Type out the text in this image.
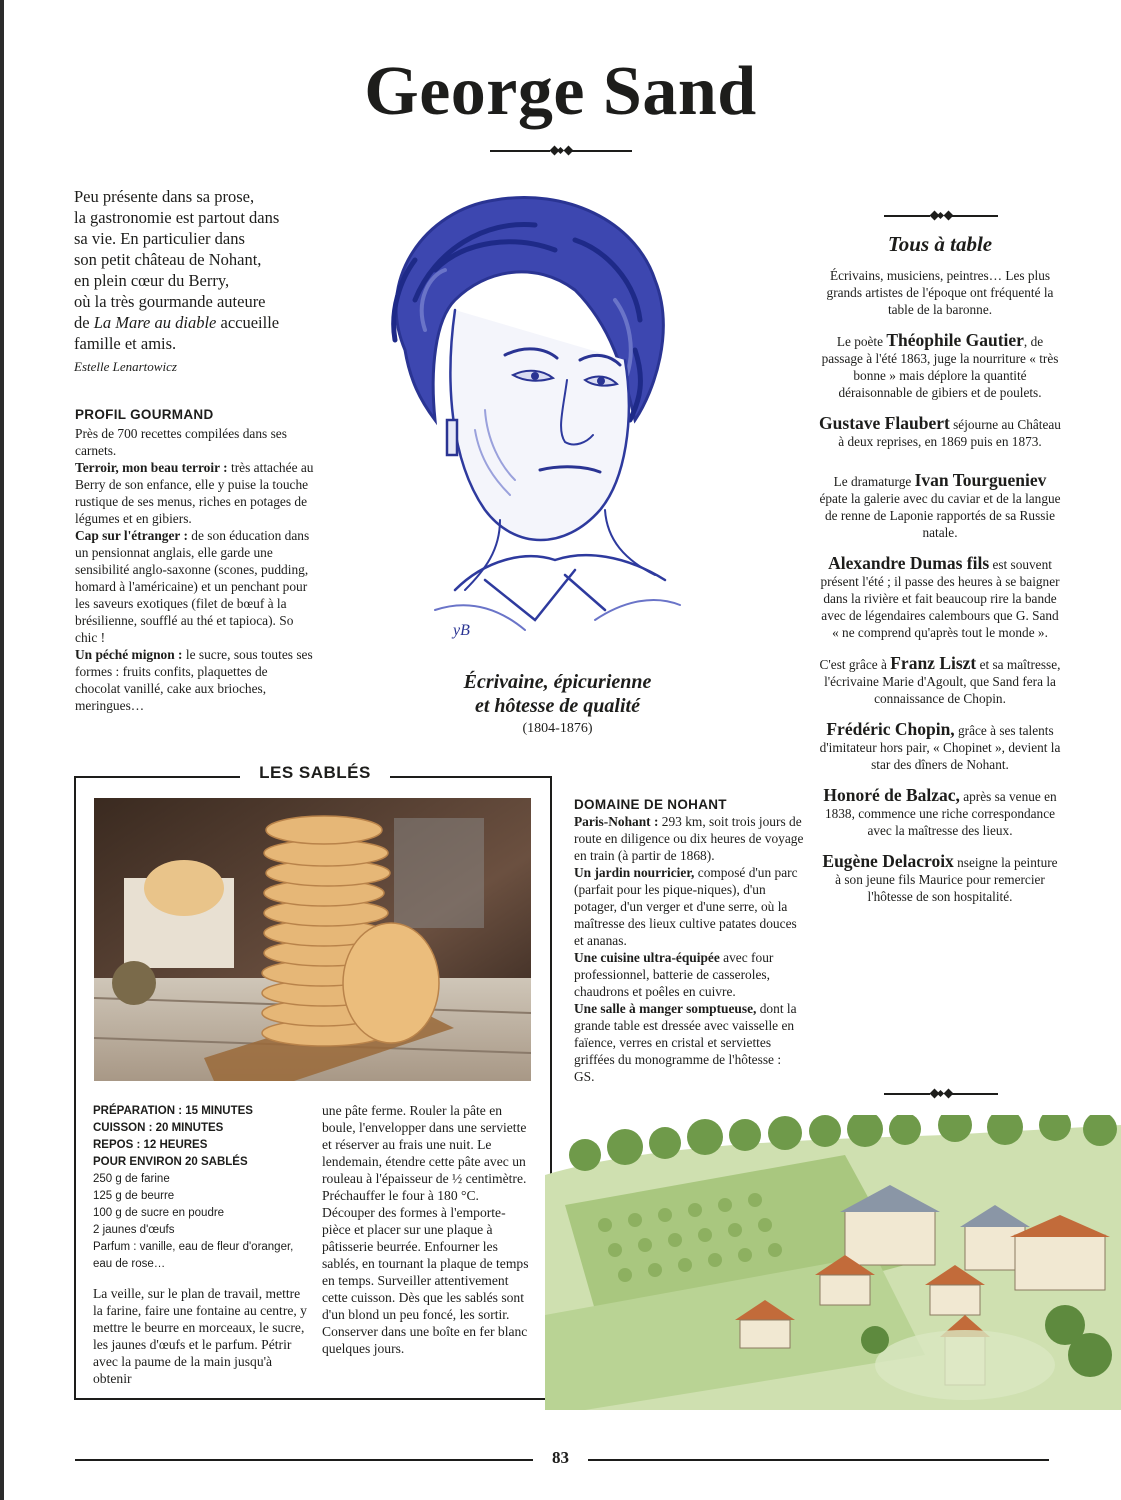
George Sand
Peu présente dans sa prose,
la gastronomie est partout dans
sa vie. En particulier dans
son petit château de Nohant,
en plein cœur du Berry,
où la très gourmande auteure
de La Mare au diable accueille
famille et amis.
Estelle Lenartowicz
PROFIL GOURMAND

Près de 700 recettes compilées dans ses carnets.

Terroir, mon beau terroir : très attachée au Berry de son enfance, elle y puise la touche rustique de ses menus, riches en potages de légumes et en gibiers.

Cap sur l'étranger : de son éducation dans un pensionnat anglais, elle garde une sensibilité anglo-saxonne (scones, pudding, homard à l'américaine) et un penchant pour les saveurs exotiques (filet de bœuf à la brésilienne, soufflé au thé et tapioca). So chic !

Un péché mignon : le sucre, sous toutes ses formes : fruits confits, plaquettes de chocolat vanillé, cake aux brioches, meringues…

yB
Écrivaine, épicurienne
et hôtesse de qualité
(1804-1876)
Tous à table
Écrivains, musiciens, peintres… Les plus grands artistes de l'époque ont fréquenté la table de la baronne.
Le poète Théophile Gautier, de passage à l'été 1863, juge la nourriture « très bonne » mais déplore la quantité déraisonnable de gibiers et de poulets.
Gustave Flaubert séjourne au Château à deux reprises, en 1869 puis en 1873.
Le dramaturge Ivan Tourgueniev épate la galerie avec du caviar et de la langue de renne de Laponie rapportés de sa Russie natale.
Alexandre Dumas fils est souvent présent l'été ; il passe des heures à se baigner dans la rivière et fait beaucoup rire la bande avec de légendaires calembours que G. Sand « ne comprend qu'après tout le monde ».
C'est grâce à Franz Liszt et sa maîtresse, l'écrivaine Marie d'Agoult, que Sand fera la connaissance de Chopin.
Frédéric Chopin, grâce à ses talents d'imitateur hors pair, « Chopinet », devient la star des dîners de Nohant.
Honoré de Balzac, après sa venue en 1838, commence une riche correspondance avec la maîtresse des lieux.
Eugène Delacroix nseigne la peinture à son jeune fils Maurice pour remercier l'hôtesse de son hospitalité.
LES SABLÉS
PRÉPARATION : 15 MINUTES
CUISSON : 20 MINUTES
REPOS : 12 HEURES
POUR ENVIRON 20 SABLÉS
250 g de farine
125 g de beurre
100 g de sucre en poudre
2 jaunes d'œufs
Parfum : vanille, eau de fleur d'oranger, eau de rose…

La veille, sur le plan de travail, mettre la farine, faire une fontaine au centre, y mettre le beurre en morceaux, le sucre, les jaunes d'œufs et le parfum. Pétrir avec la paume de la main jusqu'à obtenir

une pâte ferme. Rouler la pâte en boule, l'envelopper dans une serviette et réserver au frais une nuit. Le lendemain, étendre cette pâte avec un rouleau à l'épaisseur de ½ centimètre. Préchauffer le four à 180 °C. Découper des formes à l'emporte-pièce et placer sur une plaque à pâtisserie beurrée. Enfourner les sablés, en tournant la plaque de temps en temps. Surveiller attentivement cette cuisson. Dès que les sablés sont d'un blond un peu foncé, les sortir. Conserver dans une boîte en fer blanc quelques jours.
DOMAINE DE NOHANT

Paris-Nohant : 293 km, soit trois jours de route en diligence ou dix heures de voyage en train (à partir de 1868).

Un jardin nourricier, composé d'un parc (parfait pour les pique-niques), d'un potager, d'un verger et d'une serre, où la maîtresse des lieux cultive patates douces et ananas.

Une cuisine ultra-équipée avec four professionnel, batterie de casseroles, chaudrons et poêles en cuivre.

Une salle à manger somptueuse, dont la grande table est dressée avec vaisselle en faïence, verres en cristal et serviettes griffées du monogramme de l'hôtesse : GS.

83
